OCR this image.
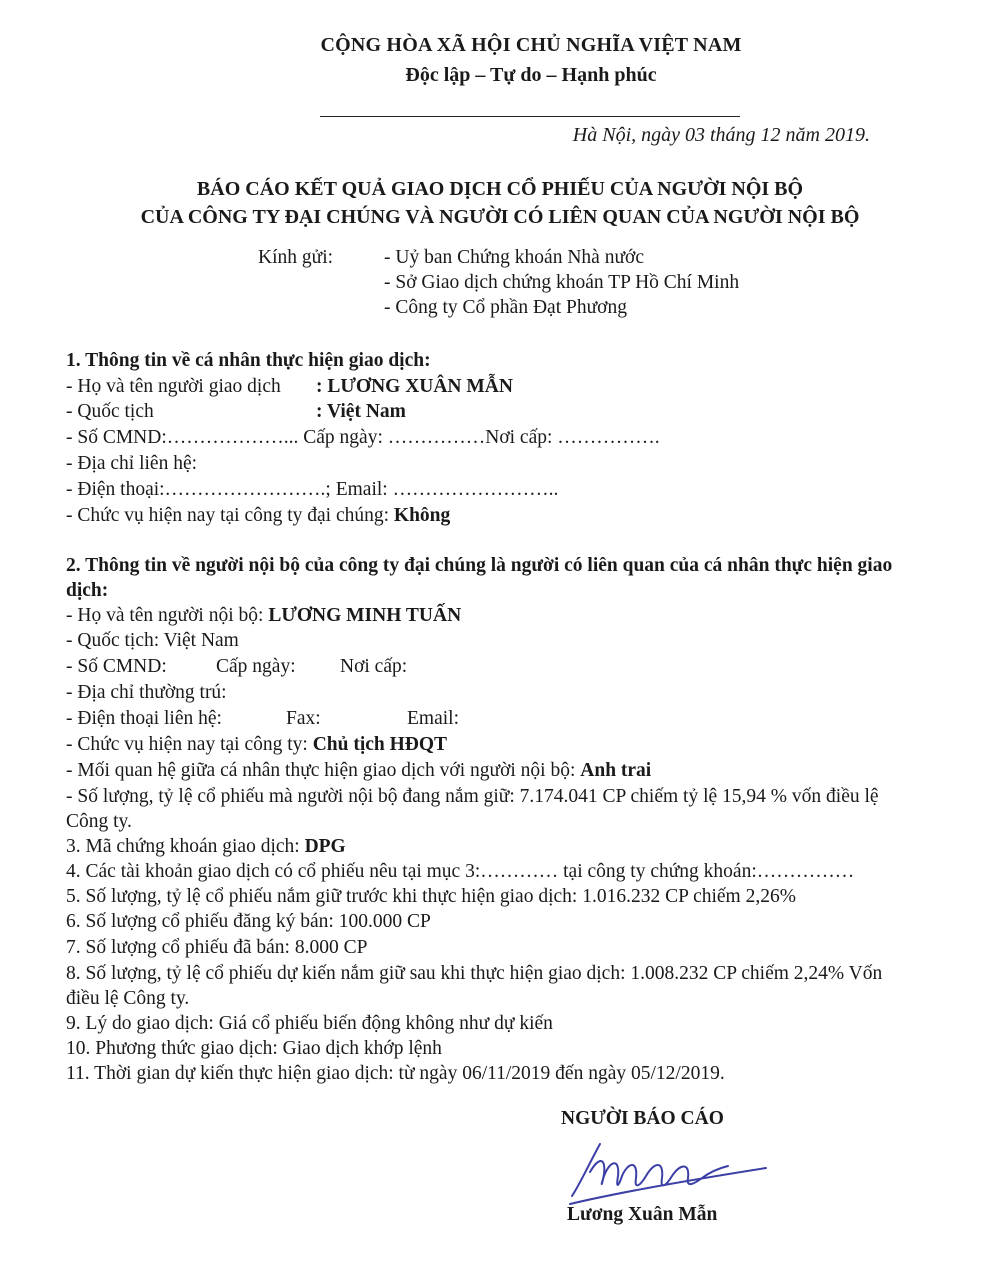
CỘNG HÒA XÃ HỘI CHỦ NGHĨA VIỆT NAM
Độc lập – Tự do – Hạnh phúc
Hà Nội, ngày 03 tháng 12 năm 2019.
BÁO CÁO KẾT QUẢ GIAO DỊCH CỔ PHIẾU CỦA NGƯỜI NỘI BỘ
CỦA CÔNG TY ĐẠI CHÚNG VÀ NGƯỜI CÓ LIÊN QUAN CỦA NGƯỜI NỘI BỘ
Kính gửi:	- Uỷ ban Chứng khoán Nhà nước
- Sở Giao dịch chứng khoán TP Hồ Chí Minh
- Công ty Cổ phần Đạt Phương
1. Thông tin về cá nhân thực hiện giao dịch:
- Họ và tên người giao dịch : LƯƠNG XUÂN MẪN
- Quốc tịch	: Việt Nam
- Số CMND:………………... Cấp ngày: ……………Nơi cấp: …………….
- Địa chỉ liên hệ:
- Điện thoại:…………………….; Email: ……………………..
- Chức vụ hiện nay tại công ty đại chúng: Không
2. Thông tin về người nội bộ của công ty đại chúng là người có liên quan của cá nhân thực hiện giao
dịch:
- Họ và tên người nội bộ: LƯƠNG MINH TUẤN
- Quốc tịch: Việt Nam
- Số CMND:	Cấp ngày: Nơi cấp:
- Địa chỉ thường trú:
- Điện thoại liên hệ:	Fax:	Email:
- Chức vụ hiện nay tại công ty: Chủ tịch HĐQT
- Mối quan hệ giữa cá nhân thực hiện giao dịch với người nội bộ: Anh trai
- Số lượng, tỷ lệ cổ phiếu mà người nội bộ đang nắm giữ: 7.174.041 CP chiếm tỷ lệ 15,94 % vốn điều lệ
Công ty.
3. Mã chứng khoán giao dịch: DPG
4. Các tài khoản giao dịch có cổ phiếu nêu tại mục 3:………… tại công ty chứng khoán:……………
5. Số lượng, tỷ lệ cổ phiếu nắm giữ trước khi thực hiện giao dịch: 1.016.232 CP chiếm 2,26%
6. Số lượng cổ phiếu đăng ký bán: 100.000 CP
7. Số lượng cổ phiếu đã bán: 8.000 CP
8. Số lượng, tỷ lệ cổ phiếu dự kiến nắm giữ sau khi thực hiện giao dịch: 1.008.232 CP chiếm 2,24% Vốn
điều lệ Công ty.
9. Lý do giao dịch: Giá cổ phiếu biến động không như dự kiến
10. Phương thức giao dịch: Giao dịch khớp lệnh
11. Thời gian dự kiến thực hiện giao dịch: từ ngày 06/11/2019 đến ngày 05/12/2019.
NGƯỜI BÁO CÁO
Lương Xuân Mẫn
